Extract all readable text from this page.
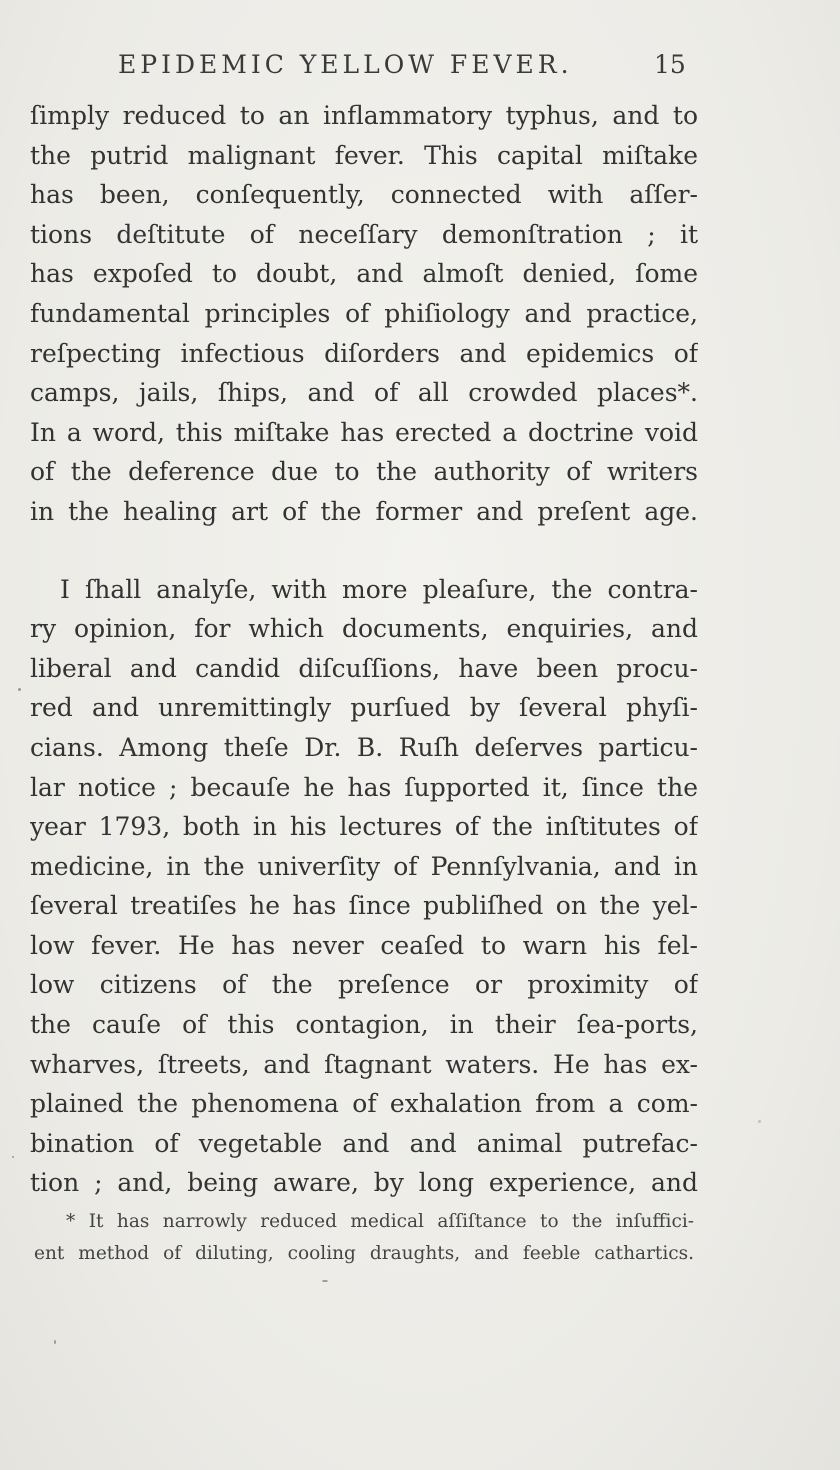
EPIDEMIC YELLOW FEVER.	15
ſimply reduced to an inflammatory typhus, and to
the putrid malignant fever. This capital miſtake
has been, conſequently, connected with aſſer-
tions deſtitute of neceſſary demonſtration ; it
has expoſed to doubt, and almoſt denied, ſome
fundamental principles of phiſiology and practice,
reſpecting infectious diſorders and epidemics of
camps, jails, ſhips, and of all crowded places*.
In a word, this miſtake has erected a doctrine void
of the deference due to the authority of writers
in the healing art of the former and preſent age.
I ſhall analyſe, with more pleaſure, the contra-
ry opinion, for which documents, enquiries, and
liberal and candid diſcuſſions, have been procu-
red and unremittingly purſued by ſeveral phyſi-
cians. Among theſe Dr. B. Ruſh deſerves particu-
lar notice ; becauſe he has ſupported it, ſince the
year 1793, both in his lectures of the inſtitutes of
medicine, in the univerſity of Pennſylvania, and in
ſeveral treatiſes he has ſince publiſhed on the yel-
low fever. He has never ceaſed to warn his fel-
low citizens of the preſence or proximity of
the cauſe of this contagion, in their ſea-ports,
wharves, ſtreets, and ſtagnant waters. He has ex-
plained the phenomena of exhalation from a com-
bination of vegetable and and animal putrefac-
tion ; and, being aware, by long experience, and
* It has narrowly reduced medical aſſiſtance to the inſuffici-
ent method of diluting, cooling draughts, and feeble cathartics.
